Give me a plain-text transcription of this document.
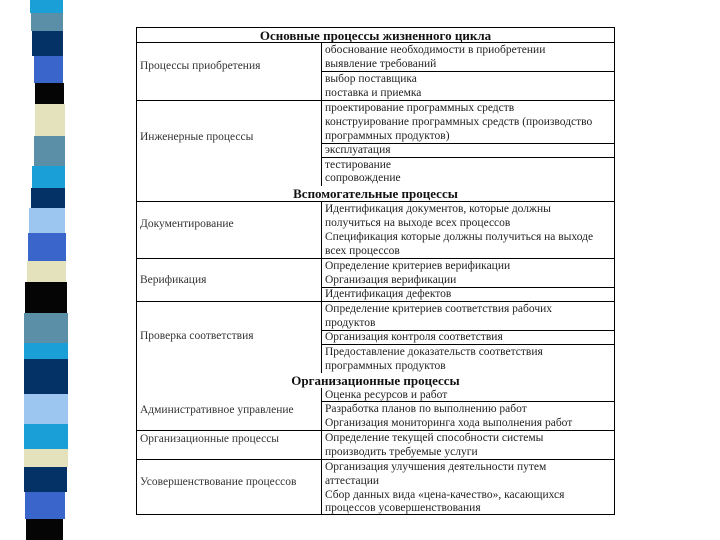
Основные процессы жизненного цикла
Вспомогательные процессы
Организационные процессы
Процессы приобретения
Инженерные процессы
Документирование
Верификация
Проверка соответствия
Административное управление
Организационные процессы
Усовершенствование процессов
обоснование необходимости в приобретении
выявление требований
выбор поставщика
поставка и приемка
проектирование программных средств
конструирование программных средств (производство
программных продуктов)
эксплуатация
тестирование
сопровождение
Идентификация документов, которые должны
получиться на выходе всех процессов
Спецификация которые должны получиться на выходе
всех процессов
Определение критериев верификации
Организация верификации
Идентификация дефектов
Определение критериев соответствия рабочих
продуктов
Организация контроля соответствия
Предоставление доказательств соответствия
программных продуктов
Оценка ресурсов и работ
Разработка планов по выполнению работ
Организация мониторинга хода выполнения работ
Определение текущей способности системы
производить требуемые услуги
Организация улучшения деятельности путем
аттестации
Сбор данных вида «цена-качество», касающихся
процессов усовершенствования
